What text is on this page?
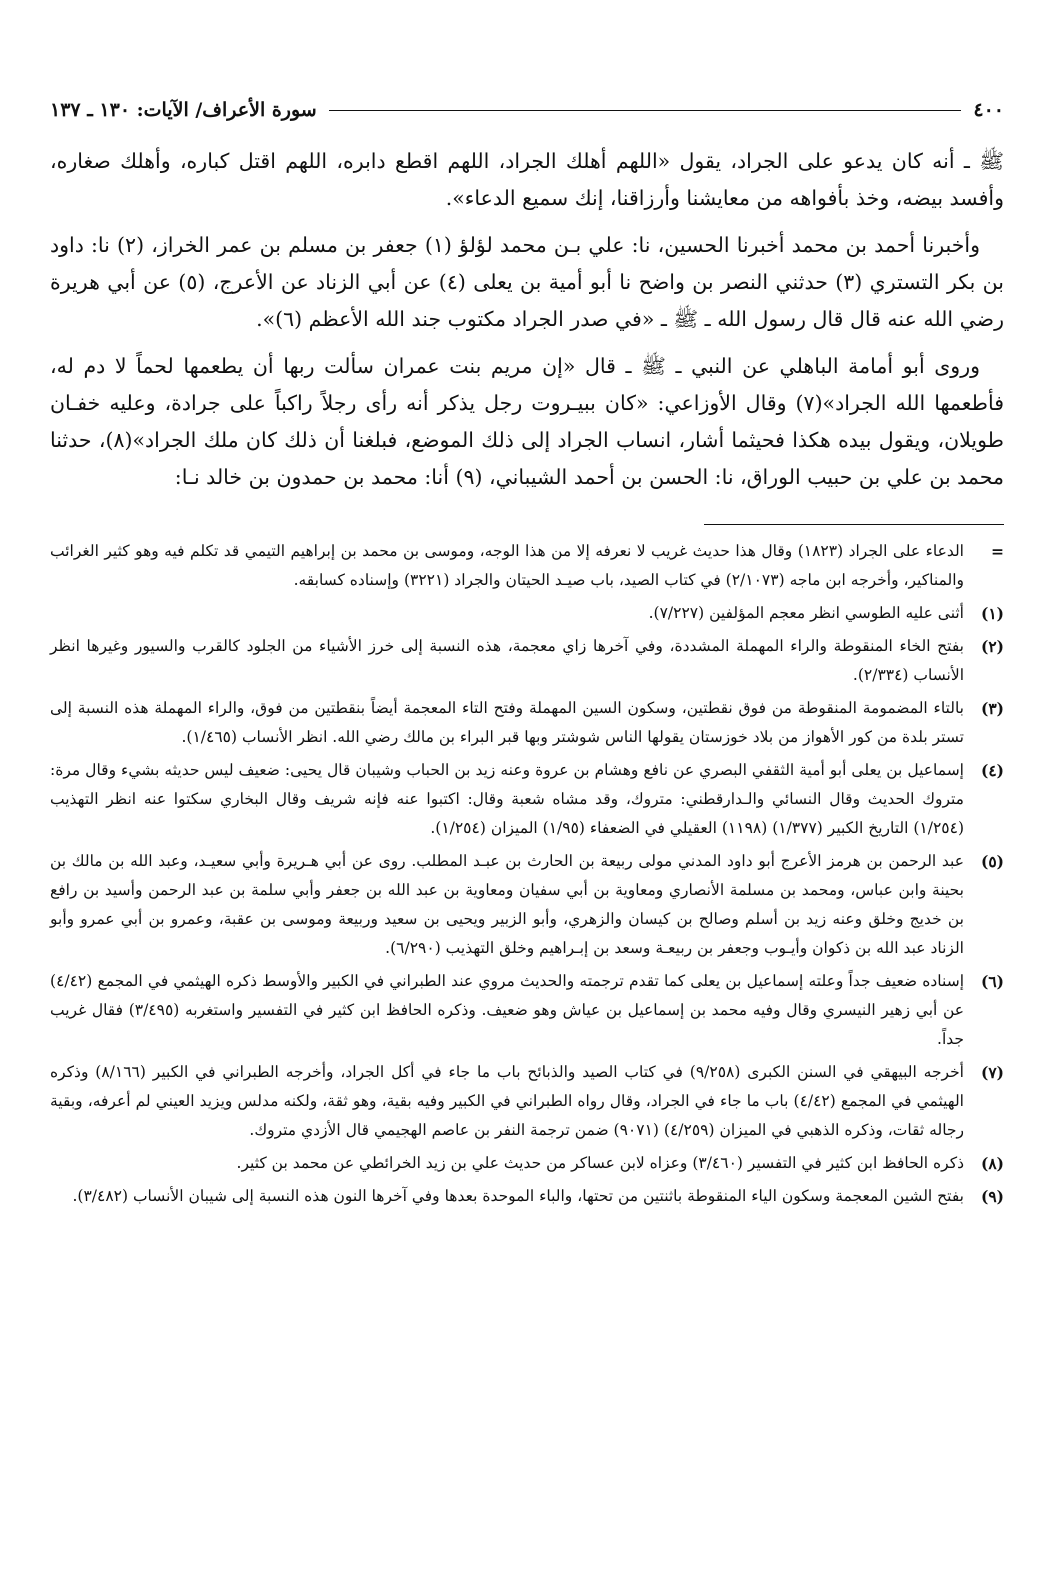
٤٠٠
سورة الأعراف/ الآيات: ١٣٠ ـ ١٣٧

ﷺ ـ أنه كان يدعو على الجراد، يقول «اللهم أهلك الجراد، اللهم اقطع دابره، اللهم اقتل كباره، وأهلك صغاره، وأفسد بيضه، وخذ بأفواهه من معايشنا وأرزاقنا، إنك سميع الدعاء».

وأخبرنا أحمد بن محمد أخبرنا الحسين، نا: علي بـن محمد لؤلؤ (١) جعفر بن مسلم بن عمر الخراز، (٢) نا: داود بن بكر التستري (٣) حدثني النصر بن واضح نا أبو أمية بن يعلى (٤) عن أبي الزناد عن الأعرج، (٥) عن أبي هريرة رضي الله عنه قال قال رسول الله ـ ﷺ ـ «في صدر الجراد مكتوب جند الله الأعظم (٦)».

وروى أبو أمامة الباهلي عن النبي ـ ﷺ ـ قال «إن مريم بنت عمران سألت ربها أن يطعمها لحماً لا دم له، فأطعمها الله الجراد»(٧) وقال الأوزاعي: «كان ببيـروت رجل يذكر أنه رأى رجلاً راكباً على جرادة، وعليه خفـان طويلان، ويقول بيده هكذا فحيثما أشار، انساب الجراد إلى ذلك الموضع، فبلغنا أن ذلك كان ملك الجراد»(٨)، حدثنا محمد بن علي بن حبيب الوراق، نا: الحسن بن أحمد الشيباني، (٩) أنا: محمد بن حمدون بن خالد نـا:

=
الدعاء على الجراد (١٨٢٣) وقال هذا حديث غريب لا نعرفه إلا من هذا الوجه، وموسى بن محمد بن إبراهيم التيمي قد تكلم فيه وهو كثير الغرائب والمناكير، وأخرجه ابن ماجه (٢/١٠٧٣) في كتاب الصيد، باب صيـد الحيتان والجراد (٣٢٢١) وإسناده كسابقه.
(١)
أثنى عليه الطوسي انظر معجم المؤلفين (٧/٢٢٧).
(٢)
بفتح الخاء المنقوطة والراء المهملة المشددة، وفي آخرها زاي معجمة، هذه النسبة إلى خرز الأشياء من الجلود كالقرب والسيور وغيرها انظر الأنساب (٢/٣٣٤).
(٣)
بالتاء المضمومة المنقوطة من فوق نقطتين، وسكون السين المهملة وفتح التاء المعجمة أيضاً بنقطتين من فوق، والراء المهملة هذه النسبة إلى تستر بلدة من كور الأهواز من بلاد خوزستان يقولها الناس شوشتر وبها قبر البراء بن مالك رضي الله. انظر الأنساب (١/٤٦٥).
(٤)
إسماعيل بن يعلى أبو أمية الثقفي البصري عن نافع وهشام بن عروة وعنه زيد بن الحباب وشيبان قال يحيى: ضعيف ليس حديثه بشيء وقال مرة: متروك الحديث وقال النسائي والـدارقطني: متروك، وقد مشاه شعبة وقال: اكتبوا عنه فإنه شريف وقال البخاري سكتوا عنه انظر التهذيب (١/٢٥٤) التاريخ الكبير (١/٣٧٧) (١١٩٨) العقيلي في الضعفاء (١/٩٥) الميزان (١/٢٥٤).
(٥)
عبد الرحمن بن هرمز الأعرج أبو داود المدني مولى ربيعة بن الحارث بن عبـد المطلب. روى عن أبي هـريرة وأبي سعيـد، وعبد الله بن مالك بن بحينة وابن عباس، ومحمد بن مسلمة الأنصاري ومعاوية بن أبي سفيان ومعاوية بن عبد الله بن جعفر وأبي سلمة بن عبد الرحمن وأسيد بن رافع بن خديج وخلق وعنه زيد بن أسلم وصالح بن كيسان والزهري، وأبو الزبير ويحيى بن سعيد وربيعة وموسى بن عقبة، وعمرو بن أبي عمرو وأبو الزناد عبد الله بن ذكوان وأيـوب وجعفر بن ربيعـة وسعد بن إبـراهيم وخلق التهذيب (٦/٢٩٠).
(٦)
إسناده ضعيف جداً وعلته إسماعيل بن يعلى كما تقدم ترجمته والحديث مروي عند الطبراني في الكبير والأوسط ذكره الهيثمي في المجمع (٤/٤٢) عن أبي زهير النيسري وقال وفيه محمد بن إسماعيل بن عياش وهو ضعيف. وذكره الحافظ ابن كثير في التفسير واستغربه (٣/٤٩٥) فقال غريب جداً.
(٧)
أخرجه البيهقي في السنن الكبرى (٩/٢٥٨) في كتاب الصيد والذبائح باب ما جاء في أكل الجراد، وأخرجه الطبراني في الكبير (٨/١٦٦) وذكره الهيثمي في المجمع (٤/٤٢) باب ما جاء في الجراد، وقال رواه الطبراني في الكبير وفيه بقية، وهو ثقة، ولكنه مدلس ويزيد العيني لم أعرفه، وبقية رجاله ثقات، وذكره الذهبي في الميزان (٤/٢٥٩) (٩٠٧١) ضمن ترجمة النفر بن عاصم الهجيمي قال الأزدي متروك.
(٨)
ذكره الحافظ ابن كثير في التفسير (٣/٤٦٠) وعزاه لابن عساكر من حديث علي بن زيد الخرائطي عن محمد بن كثير.
(٩)
بفتح الشين المعجمة وسكون الياء المنقوطة باثنتين من تحتها، والباء الموحدة بعدها وفي آخرها النون هذه النسبة إلى شيبان الأنساب (٣/٤٨٢).
